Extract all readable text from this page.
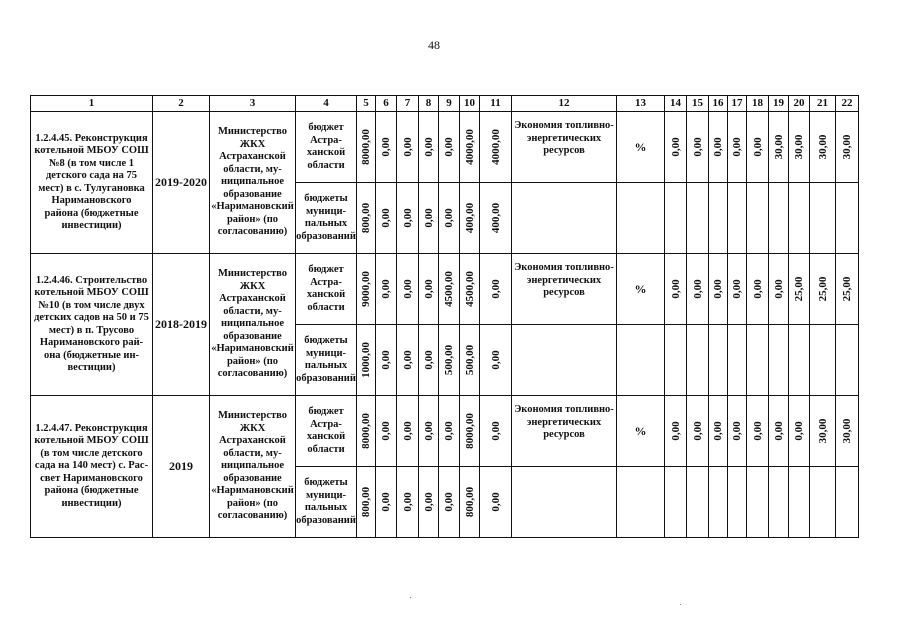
48
1	2	3	4	5	6	7	8	9	10	11	12	13	14	15	16	17	18	19	20	21	22
1.2.4.45. Реконструкция котельной МБОУ СОШ №8 (в том числе 1 детского сада на 75 мест) в с. Тулугановка Наримановского района (бюджетные инвестиции)	2019-2020	Министерство ЖКХ Астраханской области, муниципальное образование «Наримановский район» (по согласованию)	бюджет Астраханской области	8000,00	0,00	0,00	0,00	0,00	4000,00	4000,00	Экономия топливно-энергетических ресурсов	%	0,00	0,00	0,00	0,00	0,00	30,00	30,00	30,00	30,00

			бюджеты муниципальных образований	800,00	0,00	0,00	0,00	0,00	400,00	400,00											

1.2.4.46. Строительство котельной МБОУ СОШ №10 (в том числе двух детских садов на 50 и 75 мест) в п. Трусово Наримановского района (бюджетные инвестиции)	2018-2019	Министерство ЖКХ Астраханской области, муниципальное образование «Наримановский район» (по согласованию)	бюджет Астраханской области	9000,00	0,00	0,00	0,00	4500,00	4500,00	0,00	Экономия топливно-энергетических ресурсов	%	0,00	0,00	0,00	0,00	0,00	0,00	25,00	25,00	25,00

			бюджеты муниципальных образований	1000,00	0,00	0,00	0,00	500,00	500,00	0,00											

1.2.4.47. Реконструкция котельной МБОУ СОШ (в том числе детского сада на 140 мест) с. Рассвет Наримановского района (бюджетные инвестиции)	2019	Министерство ЖКХ Астраханской области, муниципальное образование «Наримановский район» (по согласованию)	бюджет Астраханской области	8000,00	0,00	0,00	0,00	0,00	8000,00	0,00	Экономия топливно-энергетических ресурсов	%	0,00	0,00	0,00	0,00	0,00	0,00	0,00	30,00	30,00

			бюджеты муниципальных образований	800,00	0,00	0,00	0,00	0,00	800,00	0,00											
